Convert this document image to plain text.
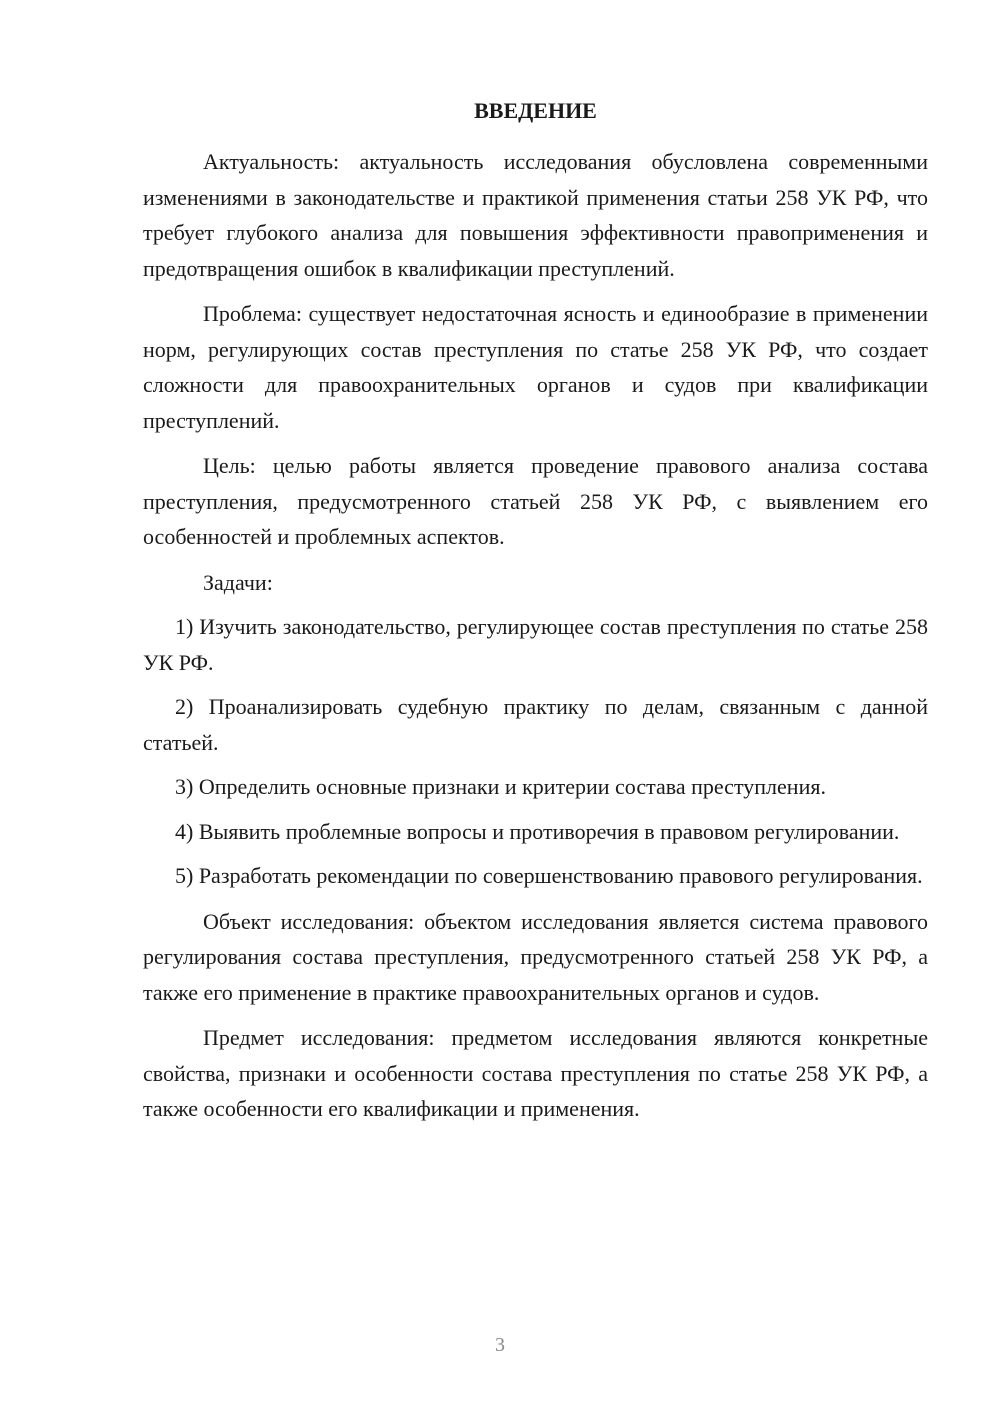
ВВЕДЕНИЕ

Актуальность: актуальность исследования обусловлена современными изменениями в законодательстве и практикой применения статьи 258 УК РФ, что требует глубокого анализа для повышения эффективности правоприменения и предотвращения ошибок в квалификации преступлений.

Проблема: существует недостаточная ясность и единообразие в применении норм, регулирующих состав преступления по статье 258 УК РФ, что создает сложности для правоохранительных органов и судов при квалификации преступлений.

Цель: целью работы является проведение правового анализа состава преступления, предусмотренного статьей 258 УК РФ, с выявлением его особенностей и проблемных аспектов.

Задачи:

1) Изучить законодательство, регулирующее состав преступления по статье 258 УК РФ.

2) Проанализировать судебную практику по делам, связанным с данной статьей.

3) Определить основные признаки и критерии состава преступления.

4) Выявить проблемные вопросы и противоречия в правовом регулировании.

5) Разработать рекомендации по совершенствованию правового регулирования.

Объект исследования: объектом исследования является система правового регулирования состава преступления, предусмотренного статьей 258 УК РФ, а также его применение в практике правоохранительных органов и судов.

Предмет исследования: предметом исследования являются конкретные свойства, признаки и особенности состава преступления по статье 258 УК РФ, а также особенности его квалификации и применения.

3
